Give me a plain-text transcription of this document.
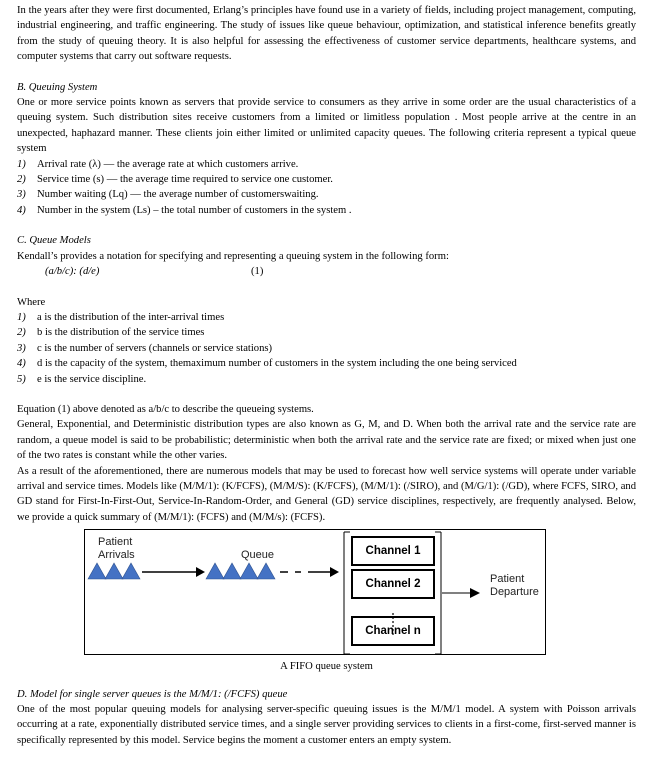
In the years after they were first documented, Erlang’s principles have found use in a variety of fields, including project management, computing, industrial engineering, and traffic engineering. The study of issues like queue behaviour, optimization, and statistical inference benefits greatly from the study of queuing theory. It is also helpful for assessing the effectiveness of customer service departments, healthcare systems, and computer systems that carry out software requests.

B. Queuing System

One or more service points known as servers that provide service to consumers as they arrive in some order are the usual characteristics of a queuing system. Such distribution sites receive customers from a limited or limitless population . Most people arrive at the centre in an unexpected, haphazard manner. These clients join either limited or unlimited capacity queues. The following criteria represent a typical queue system

1)	Arrival rate (λ) — the average rate at which customers arrive.
2)	Service time (s) — the average time required to service one customer.
3)	Number waiting (Lq) — the average number of customerswaiting.
4)	Number in the system (Ls) – the total number of customers in the system .

C. Queue Models

Kendall’s provides a notation for specifying and representing a queuing system in the following form:

(a/b/c): (d/e)	(1)

Where

1)	a is the distribution of the inter-arrival times
2)	b is the distribution of the service times
3)	c is the number of servers (channels or service stations)
4)	d is the capacity of the system, themaximum number of customers in the system including the one being serviced
5)	e is the service discipline.

Equation (1) above denoted as a/b/c to describe the queueing systems.

General, Exponential, and Deterministic distribution types are also known as G, M, and D. When both the arrival rate and the service rate are random, a queue model is said to be probabilistic; deterministic when both the arrival rate and the service rate are fixed; or mixed when just one of the two rates is constant while the other varies.

As a result of the aforementioned, there are numerous models that may be used to forecast how well service systems will operate under variable arrival and service times. Models like (M/M/1): (K/FCFS), (M/M/S): (K/FCFS), (M/M/1): (/SIRO), and (M/G/1): (/GD), where FCFS, SIRO, and GD stand for First-In-First-Out, Service-In-Random-Order, and General (GD) service disciplines, respectively, are frequently analysed. Below, we provide a quick summary of (M/M/1): (FCFS) and (M/M/s): (FCFS).

Patient
Arrivals	Queue	Channel 1
Channel 2
Channel n
Patient
Departure

A FIFO queue system

D. Model for single server queues is the M/M/1: (/FCFS) queue

One of the most popular queuing models for analysing server-specific queuing issues is the M/M/1 model. A system with Poisson arrivals occurring at a rate, exponentially distributed service times, and a single server providing services to clients in a first-come, first-served manner is specifically represented by this model. Service begins the moment a customer enters an empty system.
